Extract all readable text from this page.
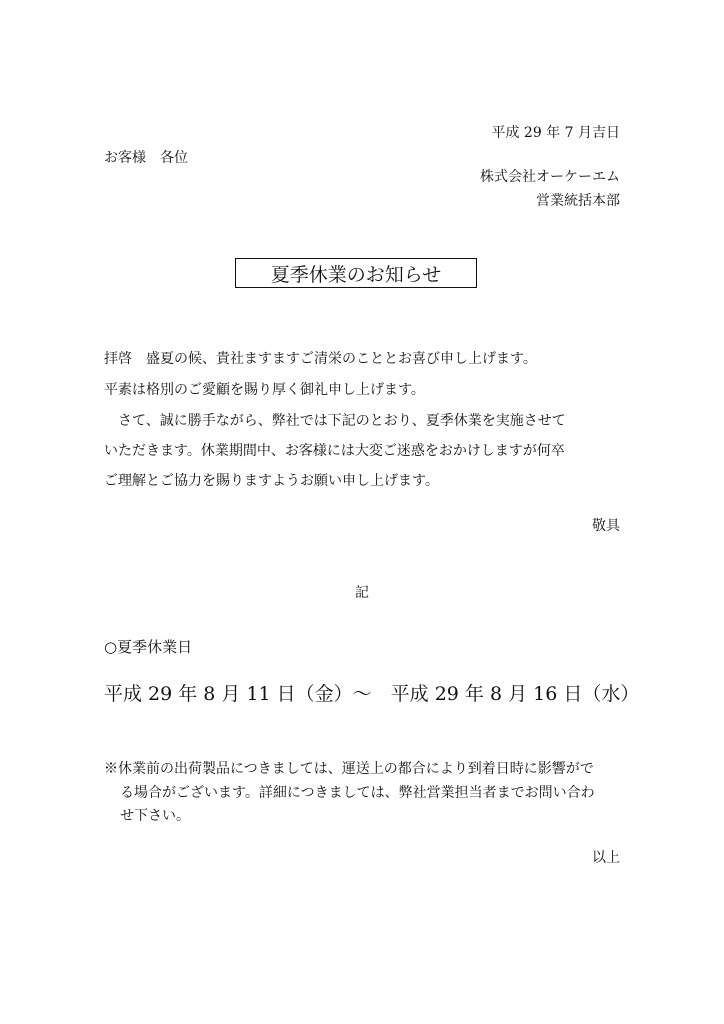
平成 29 年 7 月吉日
お客様　各位
株式会社オーケーエム
営業統括本部
夏季休業のお知らせ
拝啓　盛夏の候、貴社ますますご清栄のこととお喜び申し上げます。
平素は格別のご愛顧を賜り厚く御礼申し上げます。
　さて、誠に勝手ながら、弊社では下記のとおり、夏季休業を実施させて
いただきます。休業期間中、お客様には大変ご迷惑をおかけしますが何卒
ご理解とご協力を賜りますようお願い申し上げます。
敬具
記
○夏季休業日
平成 29 年 8 月 11 日（金）～　平成 29 年 8 月 16 日（水）
※休業前の出荷製品につきましては、運送上の都合により到着日時に影響がで
る場合がございます。詳細につきましては、弊社営業担当者までお問い合わ
せ下さい。
以上
